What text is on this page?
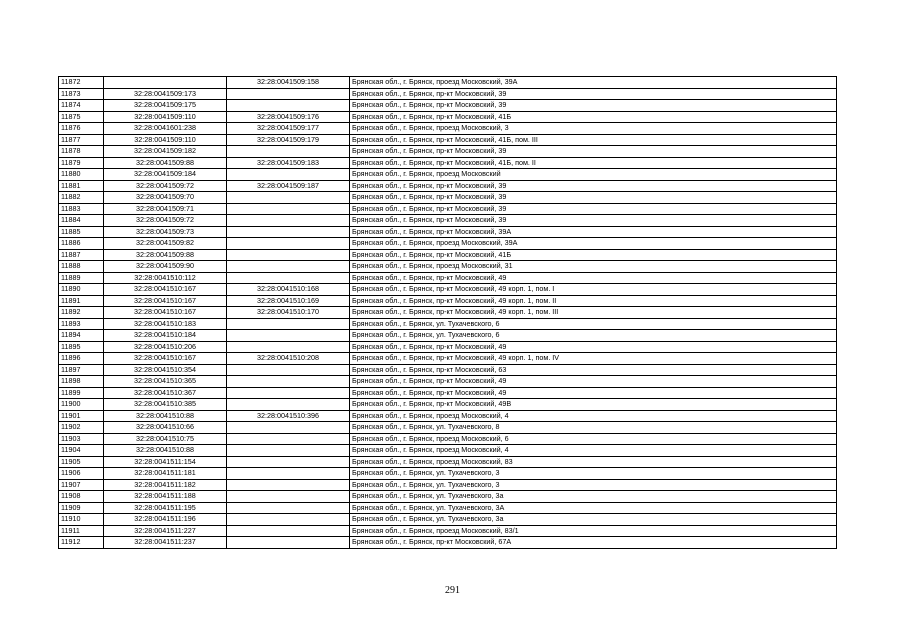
11872		32:28:0041509:158	Брянская обл., г. Брянск, проезд Московский, 39А
11873	32:28:0041509:173		Брянская обл., г. Брянск, пр-кт Московский, 39
11874	32:28:0041509:175		Брянская обл., г. Брянск, пр-кт Московский, 39
11875	32:28:0041509:110	32:28:0041509:176	Брянская обл., г. Брянск, пр-кт Московский, 41Б
11876	32:28:0041601:238	32:28:0041509:177	Брянская обл., г. Брянск, проезд Московский, 3
11877	32:28:0041509:110	32:28:0041509:179	Брянская обл., г. Брянск, пр-кт Московский, 41Б, пом. III
11878	32:28:0041509:182		Брянская обл., г. Брянск, пр-кт Московский, 39
11879	32:28:0041509:88	32:28:0041509:183	Брянская обл., г. Брянск, пр-кт Московский, 41Б, пом. II
11880	32:28:0041509:184		Брянская обл., г. Брянск, проезд Московский
11881	32:28:0041509:72	32:28:0041509:187	Брянская обл., г. Брянск, пр-кт Московский, 39
11882	32:28:0041509:70		Брянская обл., г. Брянск, пр-кт Московский, 39
11883	32:28:0041509:71		Брянская обл., г. Брянск, пр-кт Московский, 39
11884	32:28:0041509:72		Брянская обл., г. Брянск, пр-кт Московский, 39
11885	32:28:0041509:73		Брянская обл., г. Брянск, пр-кт Московский, 39А
11886	32:28:0041509:82		Брянская обл., г. Брянск, проезд Московский, 39А
11887	32:28:0041509:88		Брянская обл., г. Брянск, пр-кт Московский, 41Б
11888	32:28:0041509:90		Брянская обл., г. Брянск, проезд Московский, 31
11889	32:28:0041510:112		Брянская обл., г. Брянск, пр-кт Московский, 49
11890	32:28:0041510:167	32:28:0041510:168	Брянская обл., г. Брянск, пр-кт Московский, 49 корп. 1, пом. I
11891	32:28:0041510:167	32:28:0041510:169	Брянская обл., г. Брянск, пр-кт Московский, 49 корп. 1, пом. II
11892	32:28:0041510:167	32:28:0041510:170	Брянская обл., г. Брянск, пр-кт Московский, 49 корп. 1, пом. III
11893	32:28:0041510:183		Брянская обл., г. Брянск, ул. Тухачевского, 6
11894	32:28:0041510:184		Брянская обл., г. Брянск, ул. Тухачевского, 6
11895	32:28:0041510:206		Брянская обл., г. Брянск, пр-кт Московский, 49
11896	32:28:0041510:167	32:28:0041510:208	Брянская обл., г. Брянск, пр-кт Московский, 49 корп. 1, пом. IV
11897	32:28:0041510:354		Брянская обл., г. Брянск, пр-кт Московский, 63
11898	32:28:0041510:365		Брянская обл., г. Брянск, пр-кт Московский, 49
11899	32:28:0041510:367		Брянская обл., г. Брянск, пр-кт Московский, 49
11900	32:28:0041510:385		Брянская обл., г. Брянск, пр-кт Московский, 49В
11901	32:28:0041510:88	32:28:0041510:396	Брянская обл., г. Брянск, проезд Московский, 4
11902	32:28:0041510:66		Брянская обл., г. Брянск, ул. Тухачевского, 8
11903	32:28:0041510:75		Брянская обл., г. Брянск, проезд Московский, 6
11904	32:28:0041510:88		Брянская обл., г. Брянск, проезд Московский, 4
11905	32:28:0041511:154		Брянская обл., г. Брянск, проезд Московский, 83
11906	32:28:0041511:181		Брянская обл., г. Брянск, ул. Тухачевского, 3
11907	32:28:0041511:182		Брянская обл., г. Брянск, ул. Тухачевского, 3
11908	32:28:0041511:188		Брянская обл., г. Брянск, ул. Тухачевского, 3а
11909	32:28:0041511:195		Брянская обл., г. Брянск, ул. Тухачевского, 3А
11910	32:28:0041511:196		Брянская обл., г. Брянск, ул. Тухачевского, 3а
11911	32:28:0041511:227		Брянская обл., г. Брянск, проезд Московский, 83/1
11912	32:28:0041511:237		Брянская обл., г. Брянск, пр-кт Московский, 67А
291
